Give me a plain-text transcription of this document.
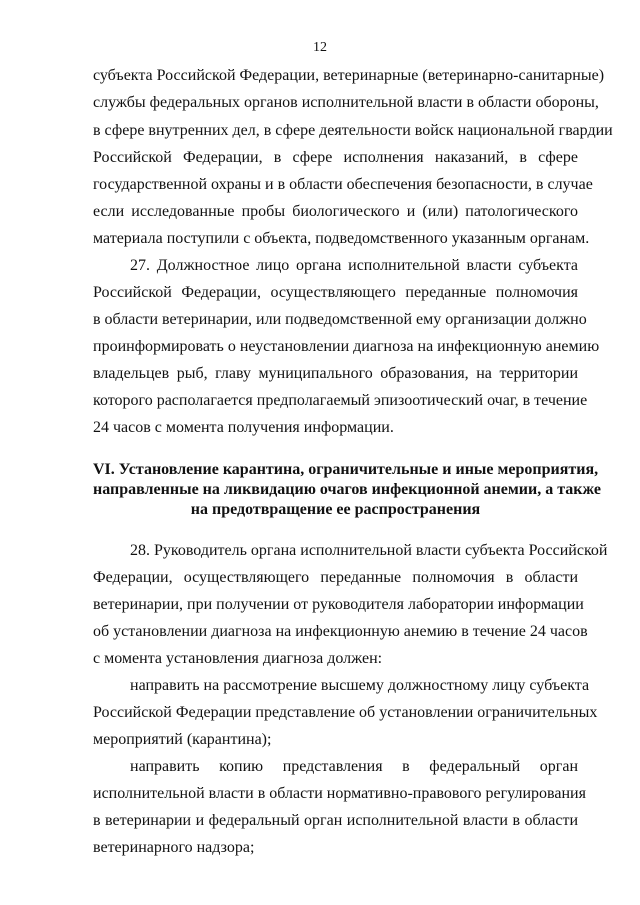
12
субъекта Российской Федерации, ветеринарные (ветеринарно-санитарные)
службы федеральных органов исполнительной власти в области обороны,
в сфере внутренних дел, в сфере деятельности войск национальной гвардии
Российской Федерации, в сфере исполнения наказаний, в сфере
государственной охраны и в области обеспечения безопасности, в случае
если исследованные пробы биологического и (или) патологического
материала поступили с объекта, подведомственного указанным органам.
27. Должностное лицо органа исполнительной власти субъекта
Российской Федерации, осуществляющего переданные полномочия
в области ветеринарии, или подведомственной ему организации должно
проинформировать о неустановлении диагноза на инфекционную анемию
владельцев рыб, главу муниципального образования, на территории
которого располагается предполагаемый эпизоотический очаг, в течение
24 часов с момента получения информации.
VI. Установление карантина, ограничительные и иные мероприятия,
направленные на ликвидацию очагов инфекционной анемии, а также
на предотвращение ее распространения
28. Руководитель органа исполнительной власти субъекта Российской
Федерации, осуществляющего переданные полномочия в области
ветеринарии, при получении от руководителя лаборатории информации
об установлении диагноза на инфекционную анемию в течение 24 часов
с момента установления диагноза должен:
направить на рассмотрение высшему должностному лицу субъекта
Российской Федерации представление об установлении ограничительных
мероприятий (карантина);
направить копию представления в федеральный орган
исполнительной власти в области нормативно-правового регулирования
в ветеринарии и федеральный орган исполнительной власти в области
ветеринарного надзора;
